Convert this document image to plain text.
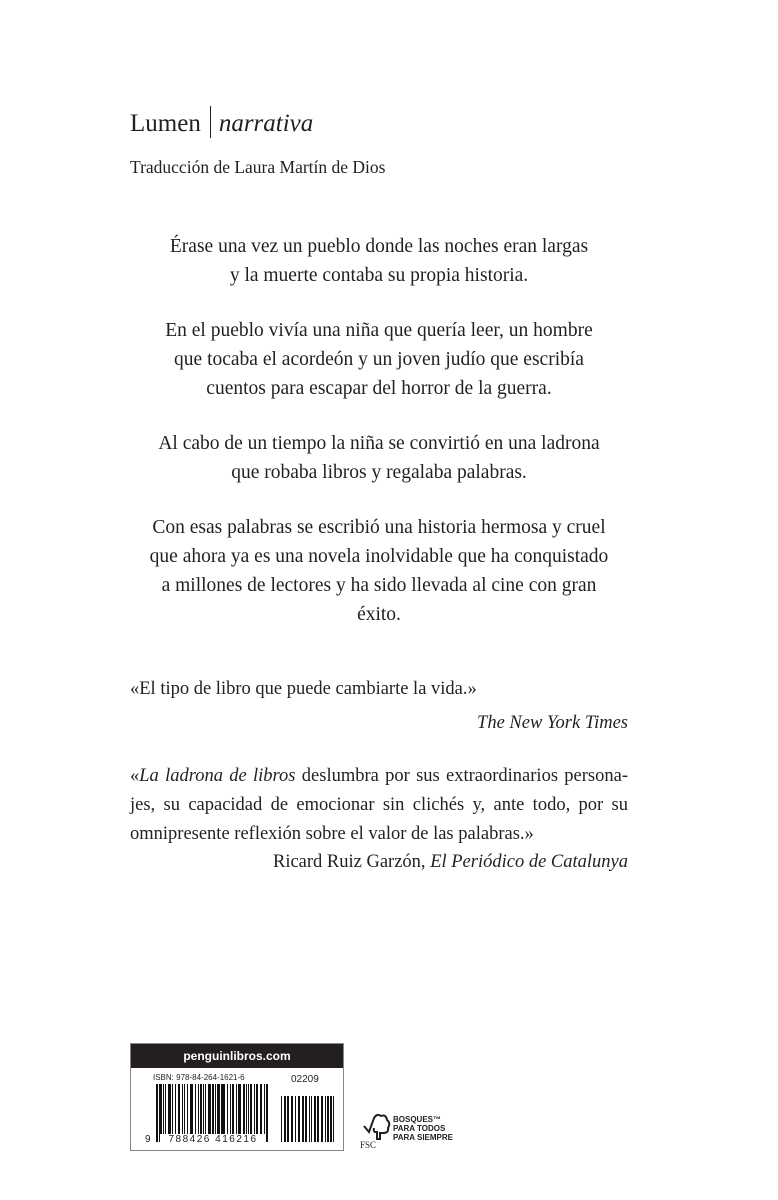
Lumen narrativa
Traducción de Laura Martín de Dios
Érase una vez un pueblo donde las noches eran largas
y la muerte contaba su propia historia.
En el pueblo vivía una niña que quería leer, un hombre
que tocaba el acordeón y un joven judío que escribía
cuentos para escapar del horror de la guerra.
Al cabo de un tiempo la niña se convirtió en una ladrona
que robaba libros y regalaba palabras.
Con esas palabras se escribió una historia hermosa y cruel
que ahora ya es una novela inolvidable que ha conquistado
a millones de lectores y ha sido llevada al cine con gran
éxito.
«El tipo de libro que puede cambiarte la vida.»
The New York Times
«La ladrona de libros deslumbra por sus extraordinarios persona-
jes, su capacidad de emocionar sin clichés y, ante todo, por su
omnipresente reflexión sobre el valor de las palabras.»
Ricard Ruiz Garzón, El Periódico de Catalunya
penguinlibros.com
ISBN: 978-84-264-1621-6
9	788426 416216
02209
FSC
BOSQUES™
PARA TODOS
PARA SIEMPRE
